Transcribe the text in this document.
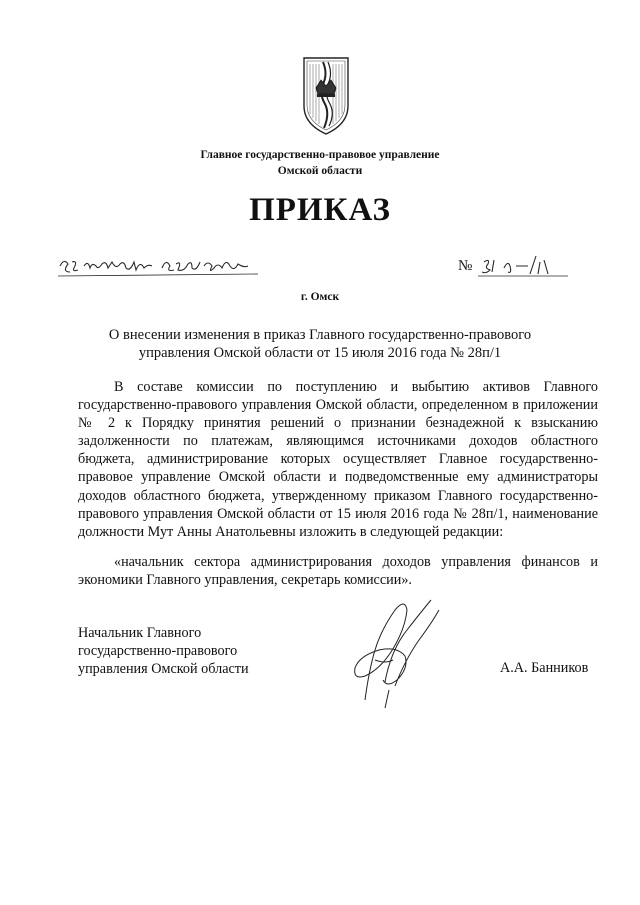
Главное государственно-правовое управление
Омской области
ПРИКАЗ
№
г. Омск
О внесении изменения в приказ Главного государственно-правового управления Омской области от 15 июля 2016 года № 28п/1

В составе комиссии по поступлению и выбытию активов Главного государственно-правового управления Омской области, определенном в приложении № 2 к Порядку принятия решений о признании безнадежной к взысканию задолженности по платежам, являющимся источниками доходов областного бюджета, администрирование которых осуществляет Главное государственно-правовое управление Омской области и подведомственные ему администраторы доходов областного бюджета, утвержденному приказом Главного государственно-правового управления Омской области от 15 июля 2016 года № 28п/1, наименование должности Мут Анны Анатольевны изложить в следующей редакции:

«начальник сектора администрирования доходов управления финансов и экономики Главного управления, секретарь комиссии».

Начальник Главного
государственно-правового
управления Омской области	А.А. Банников
